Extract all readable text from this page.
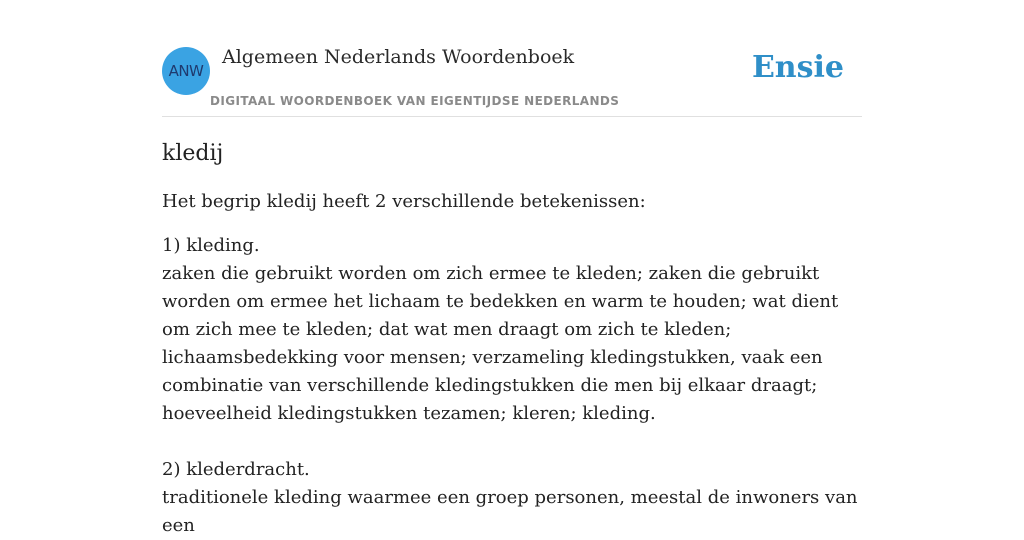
ANW
Algemeen Nederlands Woordenboek
DIGITAAL WOORDENBOEK VAN EIGENTIJDSE NEDERLANDS
Ensie
kledij

Het begrip kledij heeft 2 verschillende betekenissen:

1) kleding.
zaken die gebruikt worden om zich ermee te kleden; zaken die gebruikt worden om ermee het lichaam te bedekken en warm te houden; wat dient om zich mee te kleden; dat wat men draagt om zich te kleden; lichaamsbedekking voor mensen; verzameling kledingstukken, vaak een combinatie van verschillende kledingstukken die men bij elkaar draagt; hoeveelheid kledingstukken tezamen; kleren; kleding.

2) klederdracht.
traditionele kleding waarmee een groep personen, meestal de inwoners van een
